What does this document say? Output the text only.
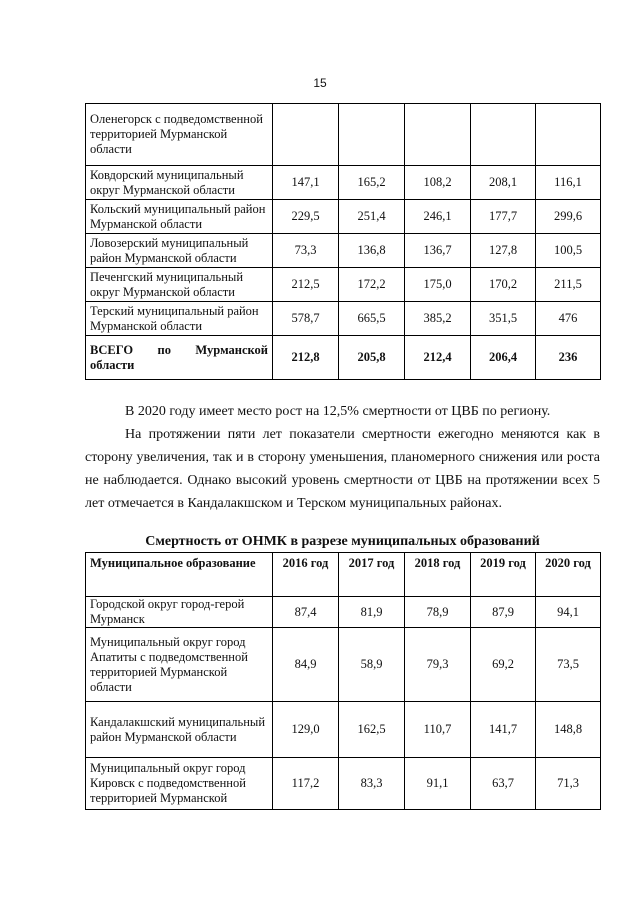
15
Оленегорск с подведомственной территорией Мурманской области					
Ковдорский муниципальный округ Мурманской области	147,1	165,2	108,2	208,1	116,1
Кольский муниципальный район Мурманской области	229,5	251,4	246,1	177,7	299,6
Ловозерский муниципальный район Мурманской области	73,3	136,8	136,7	127,8	100,5
Печенгский муниципальный округ Мурманской области	212,5	172,2	175,0	170,2	211,5
Терский муниципальный район Мурманской области	578,7	665,5	385,2	351,5	476

ВСЕГО по Мурманской
области	212,8	205,8	212,4	206,4	236

В 2020 году имеет место рост на 12,5% смертности от ЦВБ по региону.

На протяжении пяти лет показатели смертности ежегодно меняются как в сторону увеличения, так и в сторону уменьшения, планомерного снижения или роста не наблюдается. Однако высокий уровень смертности от ЦВБ на протяжении всех 5 лет отмечается в Кандалакшском и Терском муниципальных районах.

Смертность от ОНМК в разрезе муниципальных образований

Муниципальное образование	2016 год	2017 год	2018 год	2019 год	2020 год
Городской округ город-герой Мурманск	87,4	81,9	78,9	87,9	94,1
Муниципальный округ город Апатиты с подведомственной территорией Мурманской области	84,9	58,9	79,3	69,2	73,5
Кандалакшский муниципальный район Мурманской области	129,0	162,5	110,7	141,7	148,8
Муниципальный округ город Кировск с подведомственной территорией Мурманской	117,2	83,3	91,1	63,7	71,3
